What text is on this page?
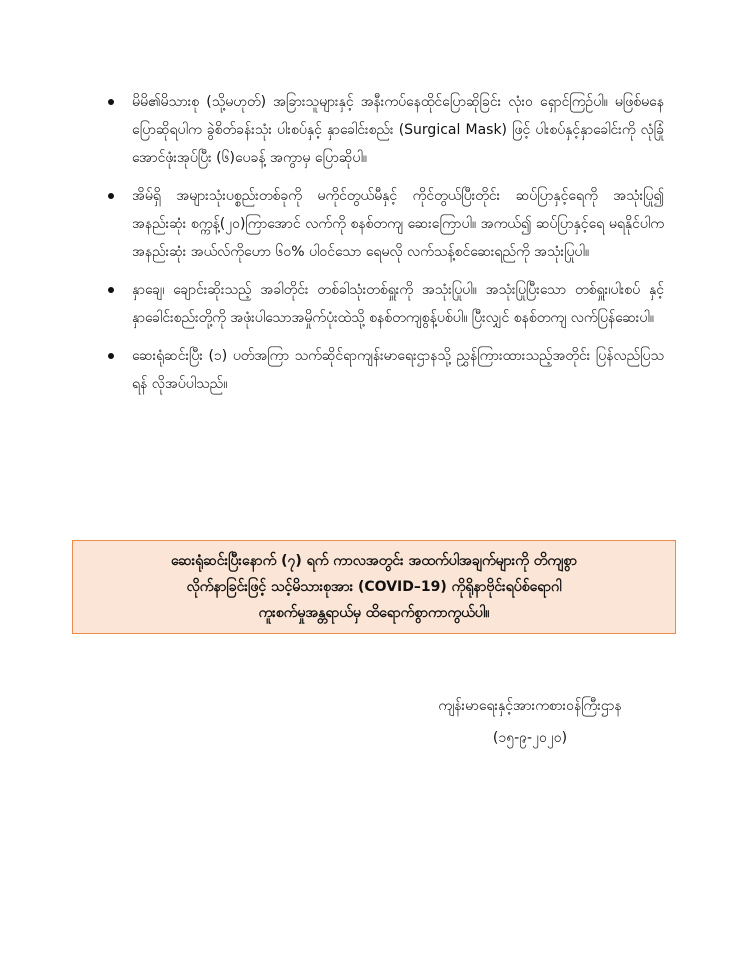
မိမိ၏မိသားစု (သို့မဟုတ်) အခြားသူများနှင့် အနီးကပ်နေထိုင်ပြောဆိုခြင်း လုံးဝ ရှောင်ကြဉ်ပါ။ မဖြစ်မနေ ပြောဆိုရပါက ခွဲစိတ်ခန်းသုံး ပါးစပ်နှင့် နှာခေါင်းစည်း (Surgical Mask) ဖြင့် ပါးစပ်နှင့်နှာခေါင်းကို လုံခြုံအောင်ဖုံးအုပ်ပြီး (၆)ပေခန့် အကွာမှ ပြောဆိုပါ။
အိမ်ရှိ အများသုံးပစ္စည်းတစ်ခုကို မကိုင်တွယ်မီနှင့် ကိုင်တွယ်ပြီးတိုင်း ဆပ်ပြာနှင့်ရေကို အသုံးပြု၍ အနည်းဆုံး စက္ကန့်(၂၀)ကြာအောင် လက်ကို စနစ်တကျ ဆေးကြောပါ။ အကယ်၍ ဆပ်ပြာနှင့်ရေ မရနိုင်ပါက အနည်းဆုံး အယ်လ်ကိုဟော ၆၀% ပါဝင်သော ရေမလို လက်သန့်စင်ဆေးရည်ကို အသုံးပြုပါ။
နှာချေ၊ ချောင်းဆိုးသည့် အခါတိုင်း တစ်ခါသုံးတစ်ရှူးကို အသုံးပြုပါ။ အသုံးပြုပြီးသော တစ်ရှူး၊ပါးစပ် နှင့် နှာခေါင်းစည်းတို့ကို အဖုံးပါသောအမှိုက်ပုံးထဲသို့ စနစ်တကျစွန့်ပစ်ပါ။ ပြီးလျှင် စနစ်တကျ လက်ပြန်ဆေးပါ။
ဆေးရုံဆင်းပြီး (၁) ပတ်အကြာ သက်ဆိုင်ရာကျန်းမာရေးဌာနသို့ ညွှန်ကြားထားသည့်အတိုင်း ပြန်လည်ပြသရန် လိုအပ်ပါသည်။
ဆေးရုံဆင်းပြီးနောက် (၇) ရက် ကာလအတွင်း အထက်ပါအချက်များကို တိကျစွာ
လိုက်နာခြင်းဖြင့် သင့်မိသားစုအား (COVID–19) ကိုရိုနာဗိုင်းရပ်စ်ရောဂါ
ကူးစက်မှုအန္တရာယ်မှ ထိရောက်စွာကာကွယ်ပါ။
ကျန်းမာရေးနှင့်အားကစားဝန်ကြီးဌာန
(၁၅-၉-၂၀၂၀)
